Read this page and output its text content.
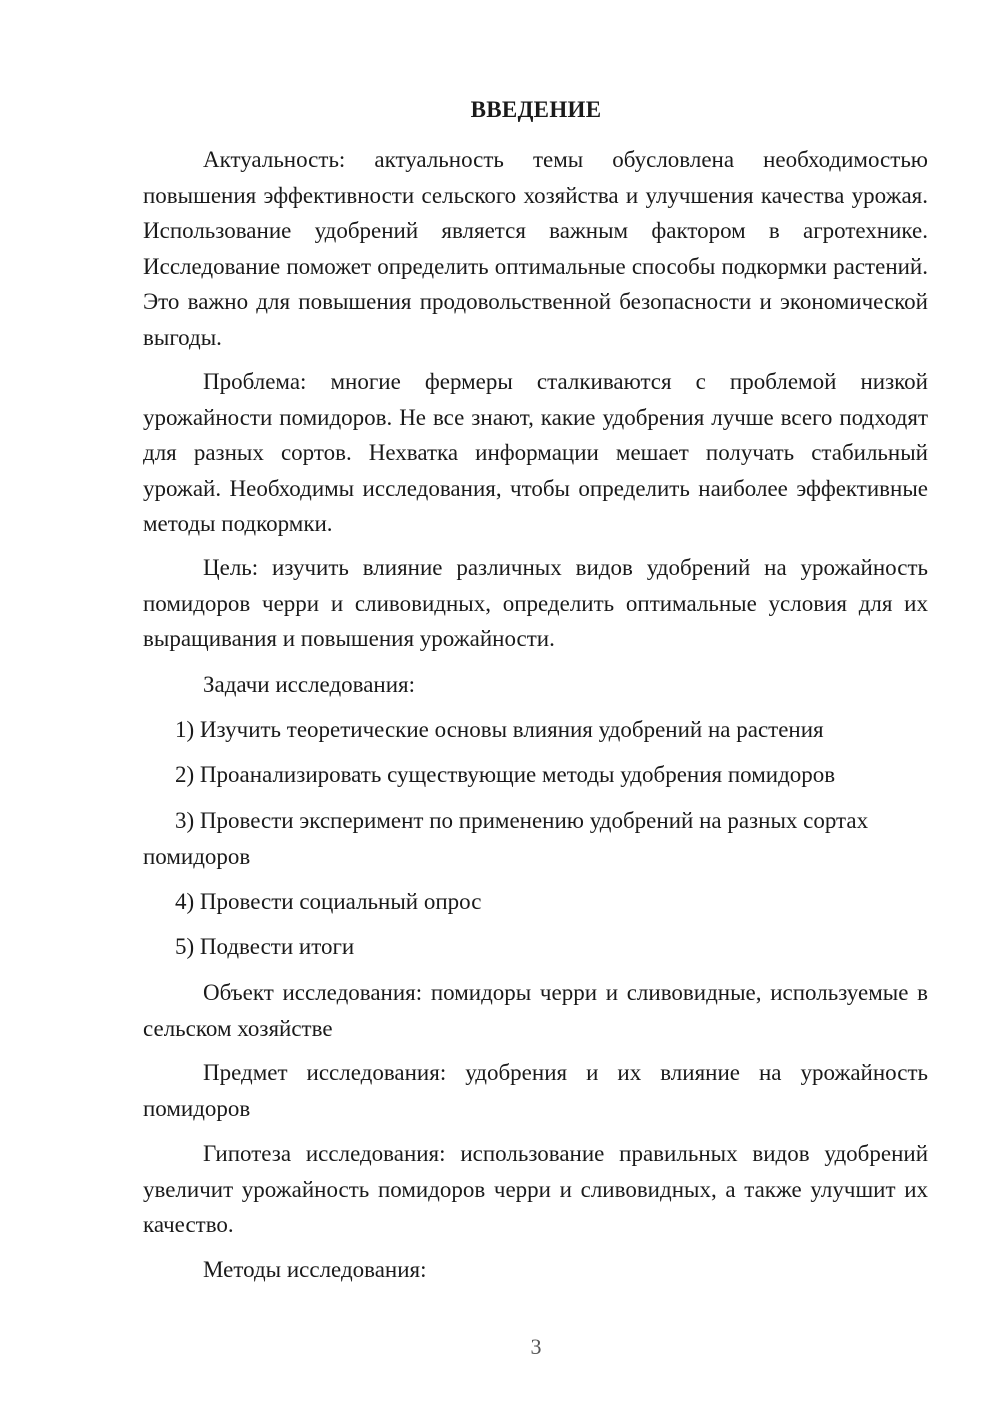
ВВЕДЕНИЕ

Актуальность: актуальность темы обусловлена необходимостью повышения эффективности сельского хозяйства и улучшения качества урожая. Использование удобрений является важным фактором в агротехнике. Исследование поможет определить оптимальные способы подкормки растений. Это важно для повышения продовольственной безопасности и экономической выгоды.

Проблема: многие фермеры сталкиваются с проблемой низкой урожайности помидоров. Не все знают, какие удобрения лучше всего подходят для разных сортов. Нехватка информации мешает получать стабильный урожай. Необходимы исследования, чтобы определить наиболее эффективные методы подкормки.

Цель: изучить влияние различных видов удобрений на урожайность помидоров черри и сливовидных, определить оптимальные условия для их выращивания и повышения урожайности.

Задачи исследования:

1) Изучить теоретические основы влияния удобрений на растения

2) Проанализировать существующие методы удобрения помидоров

3) Провести эксперимент по применению удобрений на разных сортах помидоров

4) Провести социальный опрос

5) Подвести итоги

Объект исследования: помидоры черри и сливовидные, используемые в сельском хозяйстве

Предмет исследования: удобрения и их влияние на урожайность помидоров

Гипотеза исследования: использование правильных видов удобрений увеличит урожайность помидоров черри и сливовидных, а также улучшит их качество.

Методы исследования:

3
